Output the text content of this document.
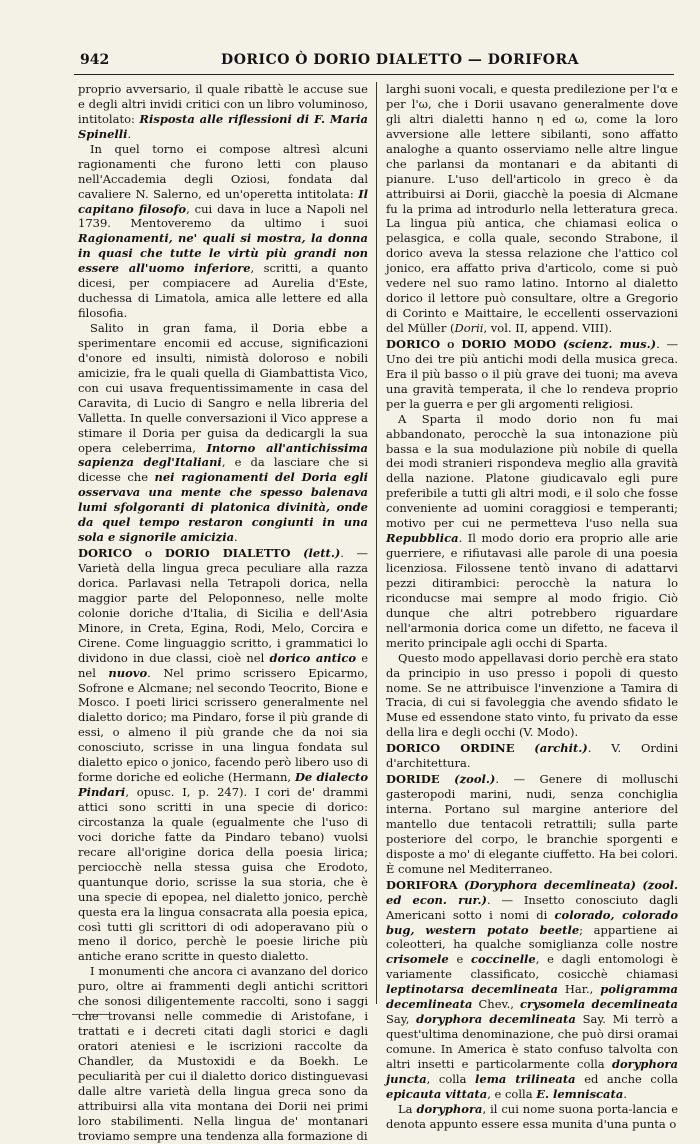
942	DORICO Ò DORIO DIALETTO — DORIFORA

proprio avversario, il quale ribattè le accuse sue e degli altri invidi critici con un libro voluminoso, intitolato: Risposta alle riflessioni di F. Maria Spinelli.

In quel torno ei compose altresì alcuni ragionamenti che furono letti con plauso nell'Accademia degli Oziosi, fondata dal cavaliere N. Salerno, ed un'operetta intitolata: Il capitano filosofo, cui dava in luce a Napoli nel 1739. Mentoveremo da ultimo i suoi Ragionamenti, ne' quali si mostra, la donna in quasi che tutte le virtù più grandi non essere all'uomo inferiore, scritti, a quanto dicesi, per compiacere ad Aurelia d'Este, duchessa di Limatola, amica alle lettere ed alla filosofia.

Salito in gran fama, il Doria ebbe a sperimentare encomii ed accuse, significazioni d'onore ed insulti, nimistà doloroso e nobili amicizie, fra le quali quella di Giambattista Vico, con cui usava frequentissimamente in casa del Caravita, di Lucio di Sangro e nella libreria del Valletta. In quelle conversazioni il Vico apprese a stimare il Doria per guisa da dedicargli la sua opera celeberrima, Intorno all'antichissima sapienza degl'Italiani, e da lasciare che si dicesse che nei ragionamenti del Doria egli osservava una mente che spesso balenava lumi sfolgoranti di platonica divinità, onde da quel tempo restaron congiunti in una sola e signorile amicizia.

DORICO o DORIO DIALETTO (lett.). — Varietà della lingua greca peculiare alla razza dorica. Parlavasi nella Tetrapoli dorica, nella maggior parte del Peloponneso, nelle molte colonie doriche d'Italia, di Sicilia e dell'Asia Minore, in Creta, Egina, Rodi, Melo, Corcira e Cirene. Come linguaggio scritto, i grammatici lo dividono in due classi, cioè nel dorico antico e nel nuovo. Nel primo scrissero Epicarmo, Sofrone e Alcmane; nel secondo Teocrito, Bione e Mosco. I poeti lirici scrissero generalmente nel dialetto dorico; ma Pindaro, forse il più grande di essi, o almeno il più grande che da noi sia conosciuto, scrisse in una lingua fondata sul dialetto epico o jonico, facendo però libero uso di forme doriche ed eoliche (Hermann, De dialecto Pindari, opusc. I, p. 247). I cori de' drammi attici sono scritti in una specie di dorico: circostanza la quale (egualmente che l'uso di voci doriche fatte da Pindaro tebano) vuolsi recare all'origine dorica della poesia lirica; perciocchè nella stessa guisa che Erodoto, quantunque dorio, scrisse la sua storia, che è una specie di epopea, nel dialetto jonico, perchè questa era la lingua consacrata alla poesia epica, così tutti gli scrittori di odi adoperavano più o meno il dorico, perchè le poesie liriche più antiche erano scritte in questo dialetto.

I monumenti che ancora ci avanzano del dorico puro, oltre ai frammenti degli antichi scrittori che sonosi diligentemente raccolti, sono i saggi che trovansi nelle commedie di Aristofane, i trattati e i decreti citati dagli storici e dagli oratori ateniesi e le iscrizioni raccolte da Chandler, da Mustoxidi e da Boekh. Le peculiarità per cui il dialetto dorico distinguevasi dalle altre varietà della lingua greca sono da attribuirsi alla vita montana dei Dorii nei primi loro stabilimenti. Nella lingua de' montanari troviamo sempre una tendenza alla formazione di

larghi suoni vocali, e questa predilezione per l'α e per l'ω, che i Dorii usavano generalmente dove gli altri dialetti hanno η ed ω, come la loro avversione alle lettere sibilanti, sono affatto analoghe a quanto osserviamo nelle altre lingue che parlansi da montanari e da abitanti di pianure. L'uso dell'articolo in greco è da attribuirsi ai Dorii, giacchè la poesia di Alcmane fu la prima ad introdurlo nella letteratura greca. La lingua più antica, che chiamasi eolica o pelasgica, e colla quale, secondo Strabone, il dorico aveva la stessa relazione che l'attico col jonico, era affatto priva d'articolo, come si può vedere nel suo ramo latino. Intorno al dialetto dorico il lettore può consultare, oltre a Gregorio di Corinto e Maittaire, le eccellenti osservazioni del Müller (Dorii, vol. II, append. VIII).

DORICO o DORIO MODO (scienz. mus.). — Uno dei tre più antichi modi della musica greca. Era il più basso o il più grave dei tuoni; ma aveva una gravità temperata, il che lo rendeva proprio per la guerra e per gli argomenti religiosi.

A Sparta il modo dorio non fu mai abbandonato, perocchè la sua intonazione più bassa e la sua modulazione più nobile di quella dei modi stranieri rispondeva meglio alla gravità della nazione. Platone giudicavalo egli pure preferibile a tutti gli altri modi, e il solo che fosse conveniente ad uomini coraggiosi e temperanti; motivo per cui ne permetteva l'uso nella sua Repubblica. Il modo dorio era proprio alle arie guerriere, e rifiutavasi alle parole di una poesia licenziosa. Filossene tentò invano di adattarvi pezzi ditirambici: perocchè la natura lo riconducse mai sempre al modo frigio. Ciò dunque che altri potrebbero riguardare nell'armonia dorica come un difetto, ne faceva il merito principale agli occhi di Sparta.

Questo modo appellavasi dorio perchè era stato da principio in uso presso i popoli di questo nome. Se ne attribuisce l'invenzione a Tamira di Tracia, di cui si favoleggia che avendo sfidato le Muse ed essendone stato vinto, fu privato da esse della lira e degli occhi (V. Modo).

DORICO ORDINE (archit.). V. Ordini d'architettura.

DORIDE (zool.). — Genere di molluschi gasteropodi marini, nudi, senza conchiglia interna. Portano sul margine anteriore del mantello due tentacoli retrattili; sulla parte posteriore del corpo, le branchie sporgenti e disposte a mo' di elegante ciuffetto. Ha bei colori. È comune nel Mediterraneo.

DORIFORA (Doryphora decemlineata) (zool. ed econ. rur.). — Insetto conosciuto dagli Americani sotto i nomi di colorado, colorado bug, western potato beetle; appartiene ai coleotteri, ha qualche somiglianza colle nostre crisomele e coccinelle, e dagli entomologi è variamente classificato, cosicchè chiamasi leptinotarsa decemlineata Har., poligramma decemlineata Chev., crysomela decemlineata Say, doryphora decemlineata Say. Mi terrò a quest'ultima denominazione, che può dirsi oramai comune. In America è stato confuso talvolta con altri insetti e particolarmente colla doryphora juncta, colla lema trilineata ed anche colla epicauta vittata, e colla E. lemniscata.

La doryphora, il cui nome suona porta-lancia e denota appunto essere essa munita d'una punta o
